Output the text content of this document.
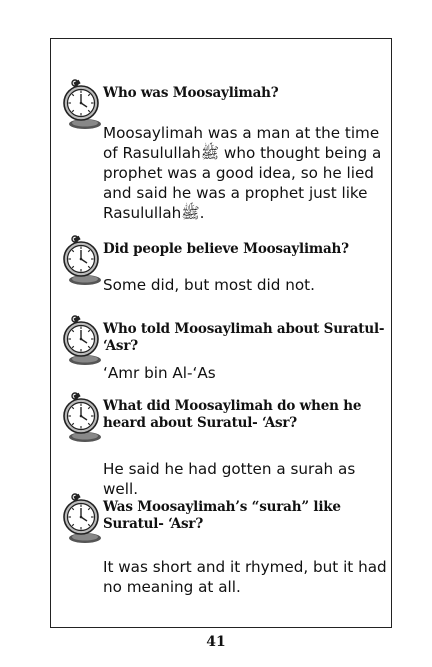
Who was Moosaylimah?
Moosaylimah was a man at the time of Rasulullahﷺ who thought being a prophet was a good idea, so he lied and said he was a prophet just like Rasulullahﷺ.
Did people believe Moosaylimah?
Some did, but most did not.
Who told Moosaylimah about Suratul- ‘Asr?
‘Amr bin Al-‘As
What did Moosaylimah do when he heard about Suratul- ‘Asr?
He said he had gotten a surah as well.
Was Moosaylimah’s “surah” like Suratul- ‘Asr?
It was short and it rhymed, but it had no meaning at all.
41
